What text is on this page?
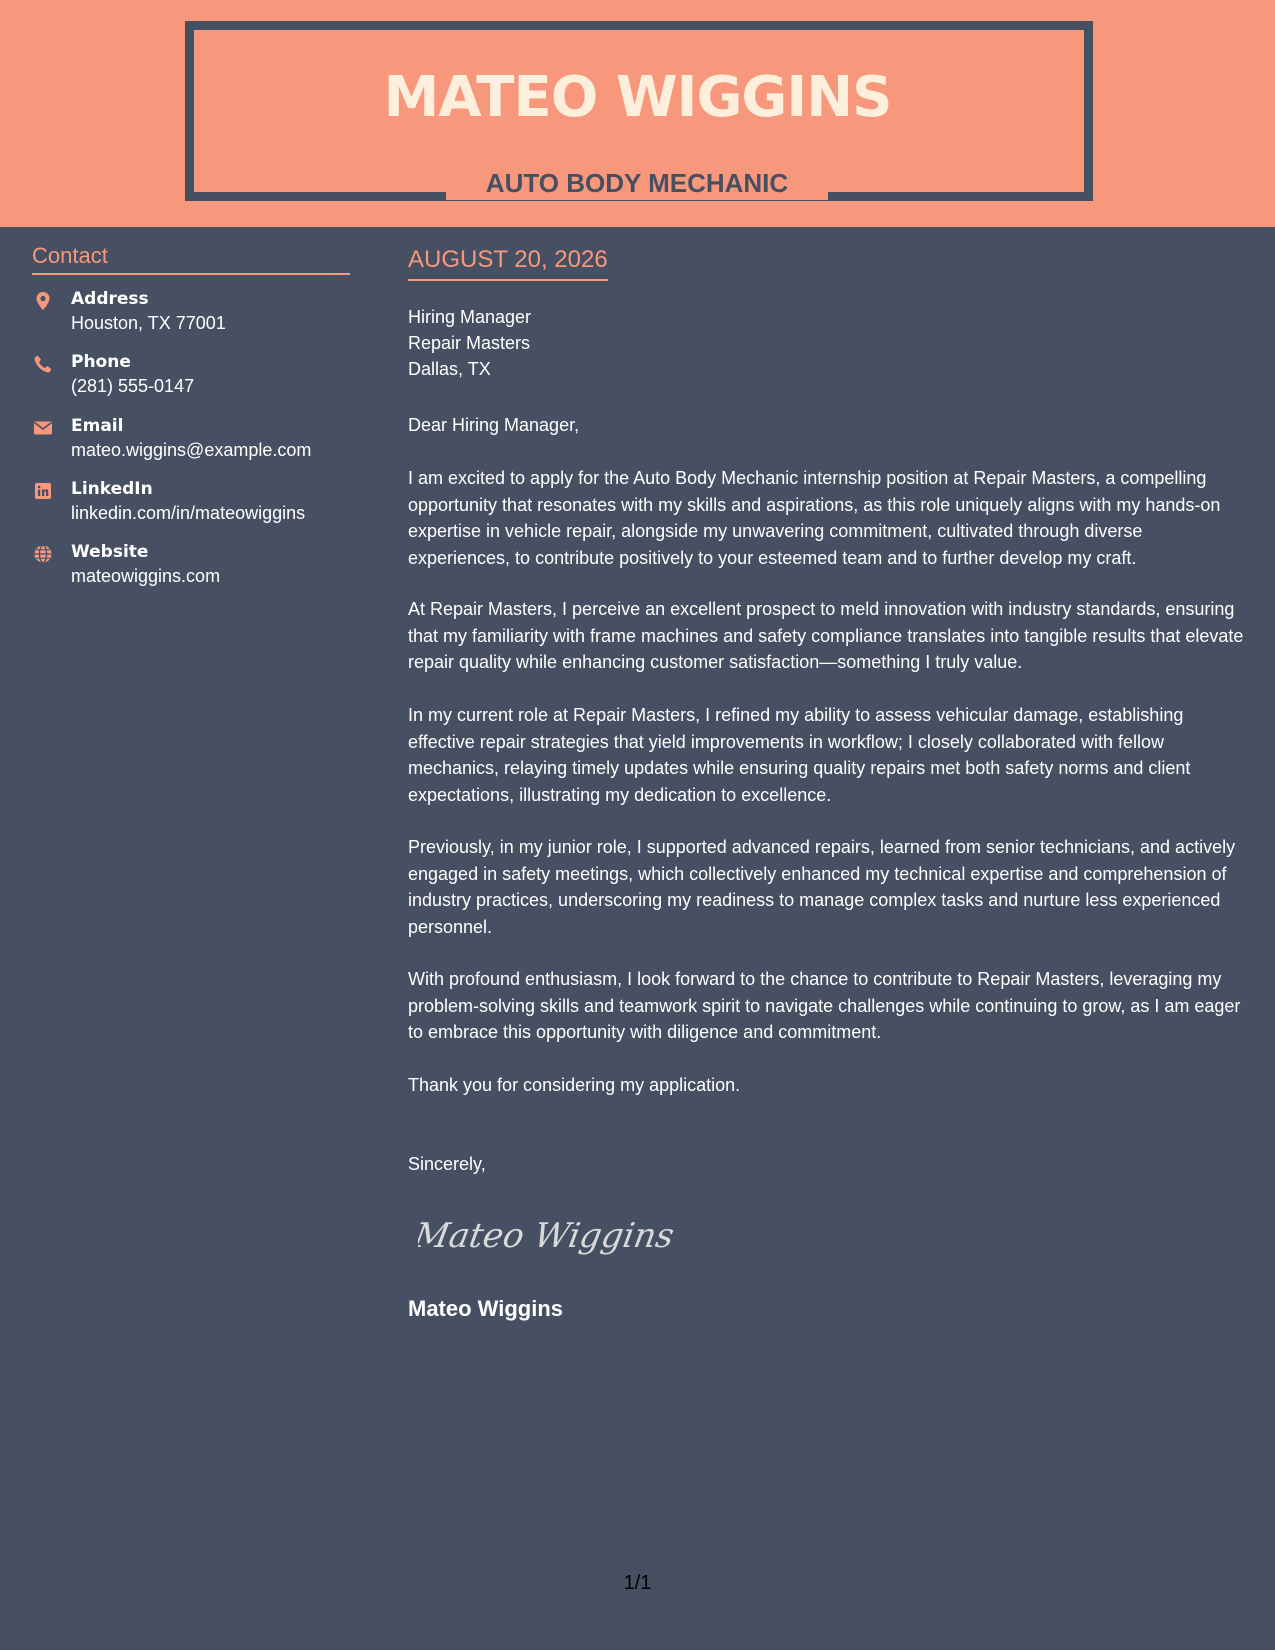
MATEO WIGGINS
AUTO BODY MECHANIC
Contact
Address
Houston, TX 77001
Phone
(281) 555-0147
Email
mateo.wiggins@example.com
LinkedIn
linkedin.com/in/mateowiggins
Website
mateowiggins.com
AUGUST 20, 2026
Hiring Manager
Repair Masters
Dallas, TX

Dear Hiring Manager,

I am excited to apply for the Auto Body Mechanic internship position at Repair Masters, a compelling opportunity that resonates with my skills and aspirations, as this role uniquely aligns with my hands-on expertise in vehicle repair, alongside my unwavering commitment, cultivated through diverse experiences, to contribute positively to your esteemed team and to further develop my craft.

At Repair Masters, I perceive an excellent prospect to meld innovation with industry standards, ensuring that my familiarity with frame machines and safety compliance translates into tangible results that elevate repair quality while enhancing customer satisfaction—something I truly value.

In my current role at Repair Masters, I refined my ability to assess vehicular damage, establishing effective repair strategies that yield improvements in workflow; I closely collaborated with fellow mechanics, relaying timely updates while ensuring quality repairs met both safety norms and client expectations, illustrating my dedication to excellence.

Previously, in my junior role, I supported advanced repairs, learned from senior technicians, and actively engaged in safety meetings, which collectively enhanced my technical expertise and comprehension of industry practices, underscoring my readiness to manage complex tasks and nurture less experienced personnel.

With profound enthusiasm, I look forward to the chance to contribute to Repair Masters, leveraging my problem-solving skills and teamwork spirit to navigate challenges while continuing to grow, as I am eager to embrace this opportunity with diligence and commitment.

Thank you for considering my application.

Sincerely,

Mateo Wiggins
Mateo Wiggins
1/1
